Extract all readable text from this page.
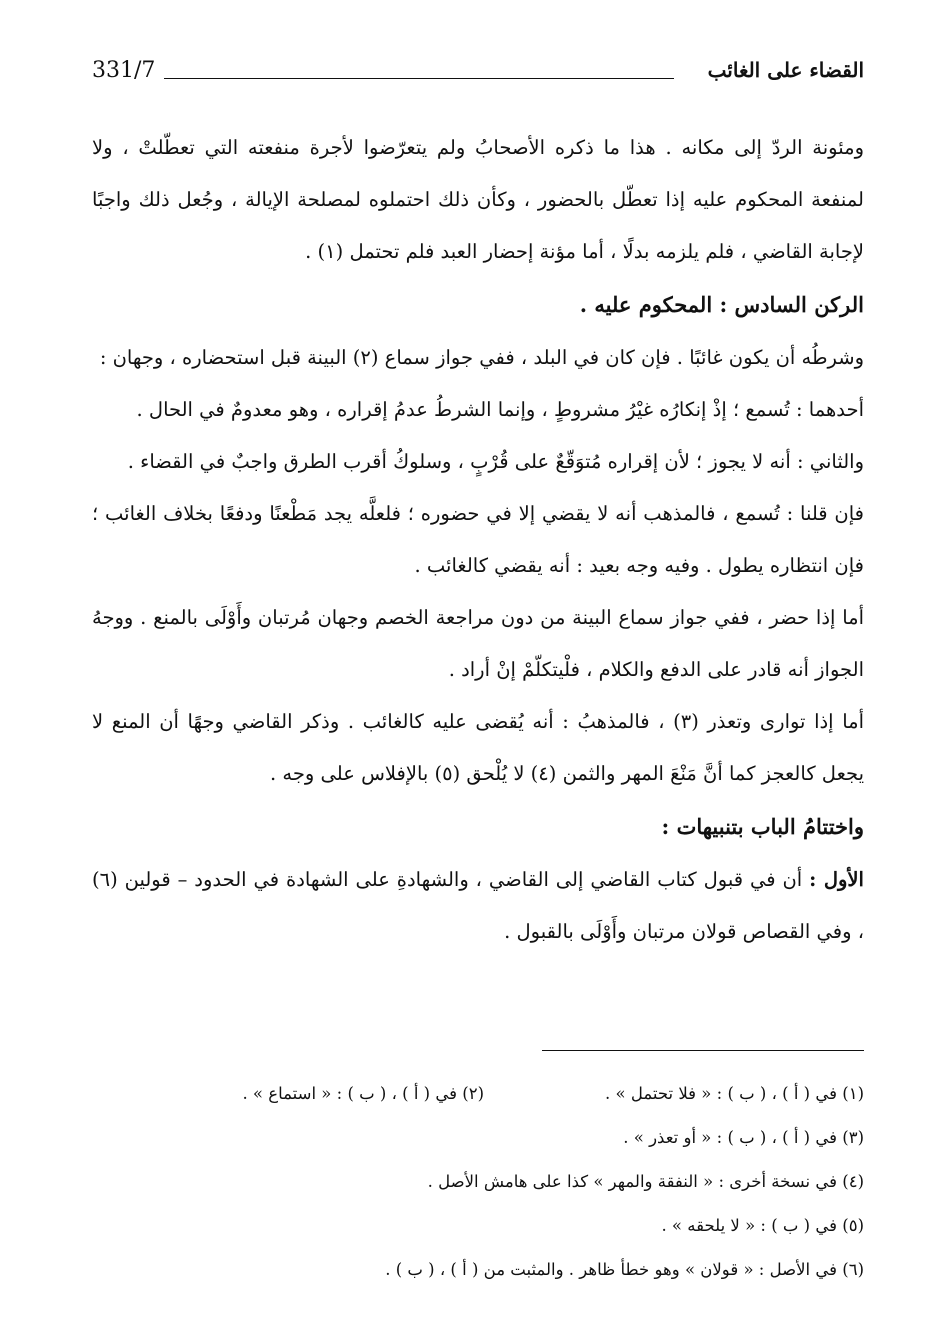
331/7	القضاء على الغائب

ومئونة الردّ إلى مكانه . هذا ما ذكره الأصحابُ ولم يتعرّضوا لأجرة منفعته التي تعطّلتْ ، ولا لمنفعة المحكوم عليه إذا تعطّل بالحضور ، وكأن ذلك احتملوه لمصلحة الإيالة ، وجُعل ذلك واجبًا لإجابة القاضي ، فلم يلزمه بدلًا ، أما مؤنة إحضار العبد فلم تحتمل (١) .

الركن السادس : المحكوم عليه .

وشرطُه أن يكون غائبًا . فإن كان في البلد ، ففي جواز سماع (٢) البينة قبل استحضاره ، وجهان :

أحدهما : تُسمع ؛ إذْ إنكارُه غيْرُ مشروطٍ ، وإنما الشرطُ عدمُ إقراره ، وهو معدومٌ في الحال .

والثاني : أنه لا يجوز ؛ لأن إقراره مُتوَقّعٌ على قُرْبٍ ، وسلوكُ أقرب الطرق واجبٌ في القضاء .

فإن قلنا : تُسمع ، فالمذهب أنه لا يقضي إلا في حضوره ؛ فلعلَّه يجد مَطْعنًا ودفعًا بخلاف الغائب ؛ فإن انتظاره يطول . وفيه وجه بعيد : أنه يقضي كالغائب .

أما إذا حضر ، ففي جواز سماع البينة من دون مراجعة الخصم وجهان مُرتبان وأَوْلَى بالمنع . ووجهُ الجواز أنه قادر على الدفع والكلام ، فلْيتكلّمْ إنْ أراد .

أما إذا توارى وتعذر (٣) ، فالمذهبُ : أنه يُقضى عليه كالغائب . وذكر القاضي وجهًا أن المنع لا يجعل كالعجز كما أنَّ مَنْعَ المهر والثمن (٤) لا يُلْحق (٥) بالإفلاس على وجه .

واختتامُ الباب بتنبيهات :

الأول : أن في قبول كتاب القاضي إلى القاضي ، والشهادةِ على الشهادة في الحدود – قولين (٦) ، وفي القصاص قولان مرتبان وأَوْلَى بالقبول .

(١) في ( أ ) ، ( ب ) : « فلا تحتمل » .

(٢) في ( أ ) ، ( ب ) : « استماع » .

(٣) في ( أ ) ، ( ب ) : « أو تعذر » .

(٤) في نسخة أخرى : « النفقة والمهر » كذا على هامش الأصل .

(٥) في ( ب ) : « لا يلحقه » .

(٦) في الأصل : « قولان » وهو خطأ ظاهر . والمثبت من ( أ ) ، ( ب ) .
